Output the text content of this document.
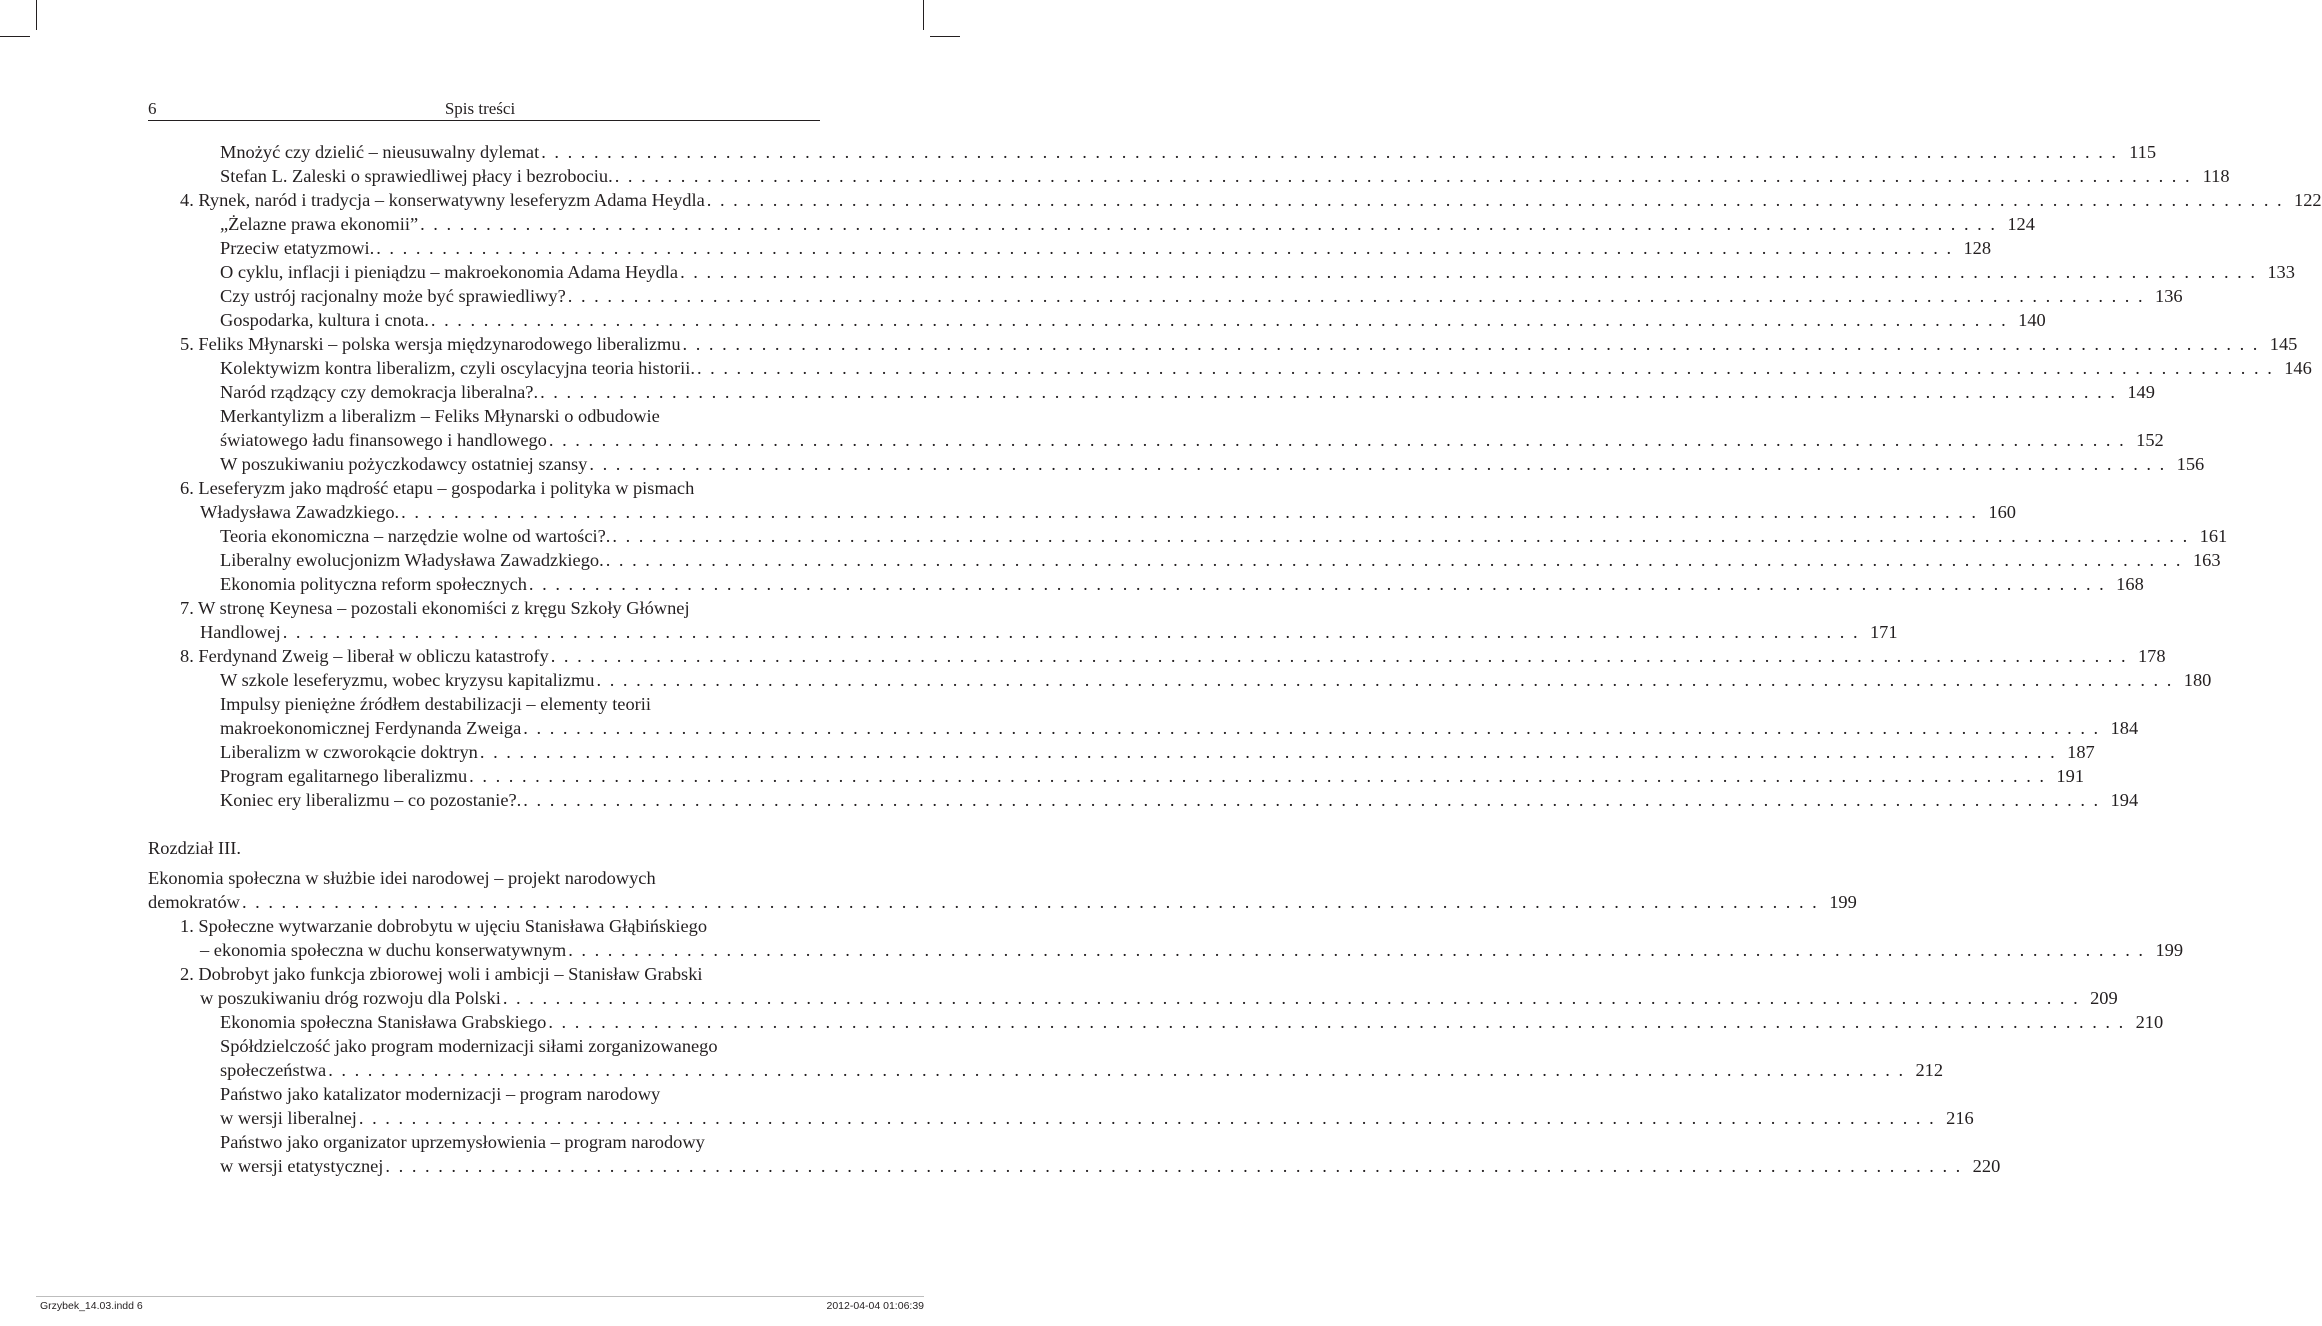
6	Spis treści
Rozdział III.
Mnożyć czy dzielić – nieusuwalny dylemat . . . . . . . . . . . . . . . . . . . . . . . . . . . . . . . . . . . . . . . . . . . . . . . . . . . . . . . . . . . . . . . . . . . . . . . . . . . . . . . . . . . . . . . . . . . . . . . . . . . . . . . . . . . . . . . . . . . . . . . . 115
Stefan L. Zaleski o sprawiedliwej płacy i bezrobociu. . . . . . . . . . . . . . . . . . . . . . . . . . . . . . . . . . . . . . . . . . . . . . . . . . . . . . . . . . . . . . . . . . . . . . . . . . . . . . . . . . . . . . . . . . . . . . . . . . . . . . . . . . . . . . . . . . . . . . . . . 118
4. Rynek, naród i tradycja – konserwatywny leseferyzm Adama Heydla . . . . . . . . . . . . . . . . . . . . . . . . . . . . . . . . . . . . . . . . . . . . . . . . . . . . . . . . . . . . . . . . . . . . . . . . . . . . . . . . . . . . . . . . . . . . . . . . . . . . . . . . . . . . . . . . . . . . . . . . 122
„Żelazne prawa ekonomii” . . . . . . . . . . . . . . . . . . . . . . . . . . . . . . . . . . . . . . . . . . . . . . . . . . . . . . . . . . . . . . . . . . . . . . . . . . . . . . . . . . . . . . . . . . . . . . . . . . . . . . . . . . . . . . . . . . . . . . . . 124
Przeciw etatyzmowi. . . . . . . . . . . . . . . . . . . . . . . . . . . . . . . . . . . . . . . . . . . . . . . . . . . . . . . . . . . . . . . . . . . . . . . . . . . . . . . . . . . . . . . . . . . . . . . . . . . . . . . . . . . . . . . . . . . . . . . . . 128
O cyklu, inflacji i pieniądzu – makroekonomia Adama Heydla . . . . . . . . . . . . . . . . . . . . . . . . . . . . . . . . . . . . . . . . . . . . . . . . . . . . . . . . . . . . . . . . . . . . . . . . . . . . . . . . . . . . . . . . . . . . . . . . . . . . . . . . . . . . . . . . . . . . . . . . 133
Czy ustrój racjonalny może być sprawiedliwy? . . . . . . . . . . . . . . . . . . . . . . . . . . . . . . . . . . . . . . . . . . . . . . . . . . . . . . . . . . . . . . . . . . . . . . . . . . . . . . . . . . . . . . . . . . . . . . . . . . . . . . . . . . . . . . . . . . . . . . . . 136
Gospodarka, kultura i cnota. . . . . . . . . . . . . . . . . . . . . . . . . . . . . . . . . . . . . . . . . . . . . . . . . . . . . . . . . . . . . . . . . . . . . . . . . . . . . . . . . . . . . . . . . . . . . . . . . . . . . . . . . . . . . . . . . . . . . . . . . 140
5. Feliks Młynarski – polska wersja międzynarodowego liberalizmu . . . . . . . . . . . . . . . . . . . . . . . . . . . . . . . . . . . . . . . . . . . . . . . . . . . . . . . . . . . . . . . . . . . . . . . . . . . . . . . . . . . . . . . . . . . . . . . . . . . . . . . . . . . . . . . . . . . . . . . . 145
Kolektywizm kontra liberalizm, czyli oscylacyjna teoria historii. . . . . . . . . . . . . . . . . . . . . . . . . . . . . . . . . . . . . . . . . . . . . . . . . . . . . . . . . . . . . . . . . . . . . . . . . . . . . . . . . . . . . . . . . . . . . . . . . . . . . . . . . . . . . . . . . . . . . . . . . 146
Naród rządzący czy demokracja liberalna?. . . . . . . . . . . . . . . . . . . . . . . . . . . . . . . . . . . . . . . . . . . . . . . . . . . . . . . . . . . . . . . . . . . . . . . . . . . . . . . . . . . . . . . . . . . . . . . . . . . . . . . . . . . . . . . . . . . . . . . . . 149
Merkantylizm a liberalizm – Feliks Młynarski o odbudowie
światowego ładu finansowego i handlowego . . . . . . . . . . . . . . . . . . . . . . . . . . . . . . . . . . . . . . . . . . . . . . . . . . . . . . . . . . . . . . . . . . . . . . . . . . . . . . . . . . . . . . . . . . . . . . . . . . . . . . . . . . . . . . . . . . . . . . . . 152
W poszukiwaniu pożyczkodawcy ostatniej szansy . . . . . . . . . . . . . . . . . . . . . . . . . . . . . . . . . . . . . . . . . . . . . . . . . . . . . . . . . . . . . . . . . . . . . . . . . . . . . . . . . . . . . . . . . . . . . . . . . . . . . . . . . . . . . . . . . . . . . . . . 156
6. Leseferyzm jako mądrość etapu – gospodarka i polityka w pismach
Władysława Zawadzkiego. . . . . . . . . . . . . . . . . . . . . . . . . . . . . . . . . . . . . . . . . . . . . . . . . . . . . . . . . . . . . . . . . . . . . . . . . . . . . . . . . . . . . . . . . . . . . . . . . . . . . . . . . . . . . . . . . . . . . . . . . 160
Teoria ekonomiczna – narzędzie wolne od wartości?. . . . . . . . . . . . . . . . . . . . . . . . . . . . . . . . . . . . . . . . . . . . . . . . . . . . . . . . . . . . . . . . . . . . . . . . . . . . . . . . . . . . . . . . . . . . . . . . . . . . . . . . . . . . . . . . . . . . . . . . . 161
Liberalny ewolucjonizm Władysława Zawadzkiego. . . . . . . . . . . . . . . . . . . . . . . . . . . . . . . . . . . . . . . . . . . . . . . . . . . . . . . . . . . . . . . . . . . . . . . . . . . . . . . . . . . . . . . . . . . . . . . . . . . . . . . . . . . . . . . . . . . . . . . . . 163
Ekonomia polityczna reform społecznych . . . . . . . . . . . . . . . . . . . . . . . . . . . . . . . . . . . . . . . . . . . . . . . . . . . . . . . . . . . . . . . . . . . . . . . . . . . . . . . . . . . . . . . . . . . . . . . . . . . . . . . . . . . . . . . . . . . . . . . . 168
7. W stronę Keynesa – pozostali ekonomiści z kręgu Szkoły Głównej
Handlowej . . . . . . . . . . . . . . . . . . . . . . . . . . . . . . . . . . . . . . . . . . . . . . . . . . . . . . . . . . . . . . . . . . . . . . . . . . . . . . . . . . . . . . . . . . . . . . . . . . . . . . . . . . . . . . . . . . . . . . . . 171
8. Ferdynand Zweig – liberał w obliczu katastrofy . . . . . . . . . . . . . . . . . . . . . . . . . . . . . . . . . . . . . . . . . . . . . . . . . . . . . . . . . . . . . . . . . . . . . . . . . . . . . . . . . . . . . . . . . . . . . . . . . . . . . . . . . . . . . . . . . . . . . . . . 178
W szkole leseferyzmu, wobec kryzysu kapitalizmu . . . . . . . . . . . . . . . . . . . . . . . . . . . . . . . . . . . . . . . . . . . . . . . . . . . . . . . . . . . . . . . . . . . . . . . . . . . . . . . . . . . . . . . . . . . . . . . . . . . . . . . . . . . . . . . . . . . . . . . . 180
Impulsy pieniężne źródłem destabilizacji – elementy teorii
makroekonomicznej Ferdynanda Zweiga . . . . . . . . . . . . . . . . . . . . . . . . . . . . . . . . . . . . . . . . . . . . . . . . . . . . . . . . . . . . . . . . . . . . . . . . . . . . . . . . . . . . . . . . . . . . . . . . . . . . . . . . . . . . . . . . . . . . . . . . 184
Liberalizm w czworokącie doktryn . . . . . . . . . . . . . . . . . . . . . . . . . . . . . . . . . . . . . . . . . . . . . . . . . . . . . . . . . . . . . . . . . . . . . . . . . . . . . . . . . . . . . . . . . . . . . . . . . . . . . . . . . . . . . . . . . . . . . . . . 187
Program egalitarnego liberalizmu . . . . . . . . . . . . . . . . . . . . . . . . . . . . . . . . . . . . . . . . . . . . . . . . . . . . . . . . . . . . . . . . . . . . . . . . . . . . . . . . . . . . . . . . . . . . . . . . . . . . . . . . . . . . . . . . . . . . . . . . 191
Koniec ery liberalizmu – co pozostanie?. . . . . . . . . . . . . . . . . . . . . . . . . . . . . . . . . . . . . . . . . . . . . . . . . . . . . . . . . . . . . . . . . . . . . . . . . . . . . . . . . . . . . . . . . . . . . . . . . . . . . . . . . . . . . . . . . . . . . . . . . 194
Ekonomia społeczna w służbie idei narodowej – projekt narodowych
demokratów . . . . . . . . . . . . . . . . . . . . . . . . . . . . . . . . . . . . . . . . . . . . . . . . . . . . . . . . . . . . . . . . . . . . . . . . . . . . . . . . . . . . . . . . . . . . . . . . . . . . . . . . . . . . . . . . . . . . . . . . 199
1. Społeczne wytwarzanie dobrobytu w ujęciu Stanisława Głąbińskiego
– ekonomia społeczna w duchu konserwatywnym . . . . . . . . . . . . . . . . . . . . . . . . . . . . . . . . . . . . . . . . . . . . . . . . . . . . . . . . . . . . . . . . . . . . . . . . . . . . . . . . . . . . . . . . . . . . . . . . . . . . . . . . . . . . . . . . . . . . . . . . 199
2. Dobrobyt jako funkcja zbiorowej woli i ambicji – Stanisław Grabski
w poszukiwaniu dróg rozwoju dla Polski . . . . . . . . . . . . . . . . . . . . . . . . . . . . . . . . . . . . . . . . . . . . . . . . . . . . . . . . . . . . . . . . . . . . . . . . . . . . . . . . . . . . . . . . . . . . . . . . . . . . . . . . . . . . . . . . . . . . . . . . 209
Ekonomia społeczna Stanisława Grabskiego . . . . . . . . . . . . . . . . . . . . . . . . . . . . . . . . . . . . . . . . . . . . . . . . . . . . . . . . . . . . . . . . . . . . . . . . . . . . . . . . . . . . . . . . . . . . . . . . . . . . . . . . . . . . . . . . . . . . . . . . 210
Spółdzielczość jako program modernizacji siłami zorganizowanego
społeczeństwa . . . . . . . . . . . . . . . . . . . . . . . . . . . . . . . . . . . . . . . . . . . . . . . . . . . . . . . . . . . . . . . . . . . . . . . . . . . . . . . . . . . . . . . . . . . . . . . . . . . . . . . . . . . . . . . . . . . . . . . . 212
Państwo jako katalizator modernizacji – program narodowy
w wersji liberalnej . . . . . . . . . . . . . . . . . . . . . . . . . . . . . . . . . . . . . . . . . . . . . . . . . . . . . . . . . . . . . . . . . . . . . . . . . . . . . . . . . . . . . . . . . . . . . . . . . . . . . . . . . . . . . . . . . . . . . . . . 216
Państwo jako organizator uprzemysłowienia – program narodowy
w wersji etatystycznej . . . . . . . . . . . . . . . . . . . . . . . . . . . . . . . . . . . . . . . . . . . . . . . . . . . . . . . . . . . . . . . . . . . . . . . . . . . . . . . . . . . . . . . . . . . . . . . . . . . . . . . . . . . . . . . . . . . . . . . . 220
Grzybek_14.03.indd 6	2012-04-04 01:06:39
